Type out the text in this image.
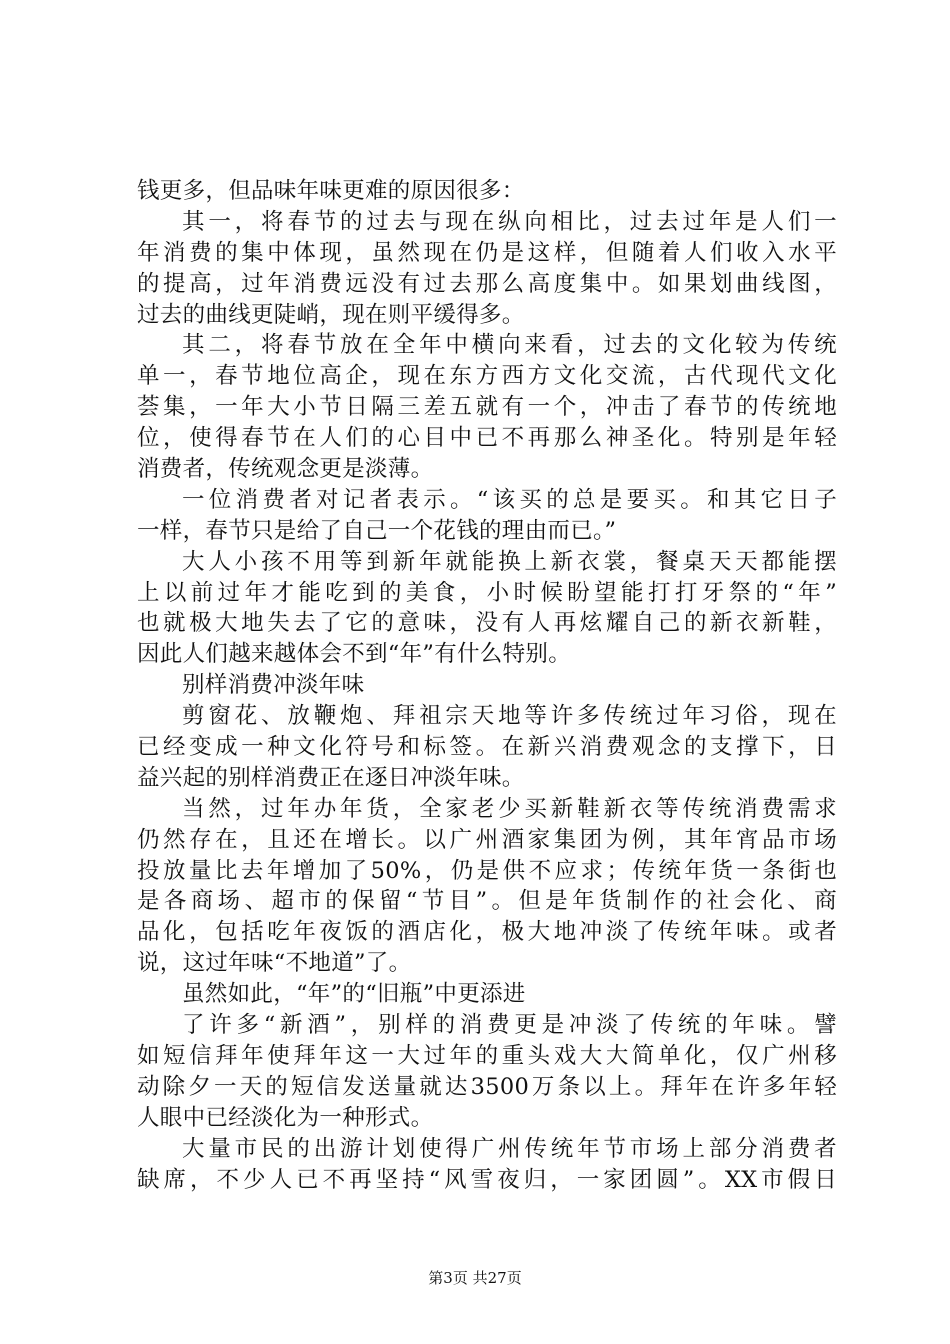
钱更多，但品味年味更难的原因很多：
其一，将春节的过去与现在纵向相比，过去过年是人们一
年消费的集中体现，虽然现在仍是这样，但随着人们收入水平
的提高，过年消费远没有过去那么高度集中。如果划曲线图，
过去的曲线更陡峭，现在则平缓得多。
其二，将春节放在全年中横向来看，过去的文化较为传统
单一，春节地位高企，现在东方西方文化交流，古代现代文化
荟集，一年大小节日隔三差五就有一个，冲击了春节的传统地
位，使得春节在人们的心目中已不再那么神圣化。特别是年轻
消费者，传统观念更是淡薄。
一位消费者对记者表示。“该买的总是要买。和其它日子
一样，春节只是给了自己一个花钱的理由而已。”
大人小孩不用等到新年就能换上新衣裳，餐桌天天都能摆
上以前过年才能吃到的美食，小时候盼望能打打牙祭的“年”
也就极大地失去了它的意味，没有人再炫耀自己的新衣新鞋，
因此人们越来越体会不到“年”有什么特别。
别样消费冲淡年味
剪窗花、放鞭炮、拜祖宗天地等许多传统过年习俗，现在
已经变成一种文化符号和标签。在新兴消费观念的支撑下，日
益兴起的别样消费正在逐日冲淡年味。
当然，过年办年货，全家老少买新鞋新衣等传统消费需求
仍然存在，且还在增长。以广州酒家集团为例，其年宵品市场
投放量比去年增加了50%，仍是供不应求；传统年货一条街也
是各商场、超市的保留“节目”。但是年货制作的社会化、商
品化，包括吃年夜饭的酒店化，极大地冲淡了传统年味。或者
说，这过年味“不地道”了。
虽然如此，“年”的“旧瓶”中更添进
了许多“新酒”，别样的消费更是冲淡了传统的年味。譬
如短信拜年使拜年这一大过年的重头戏大大简单化，仅广州移
动除夕一天的短信发送量就达3500万条以上。拜年在许多年轻
人眼中已经淡化为一种形式。
大量市民的出游计划使得广州传统年节市场上部分消费者
缺席，不少人已不再坚持“风雪夜归，一家团圆”。XX市假日
第3页 共27页
